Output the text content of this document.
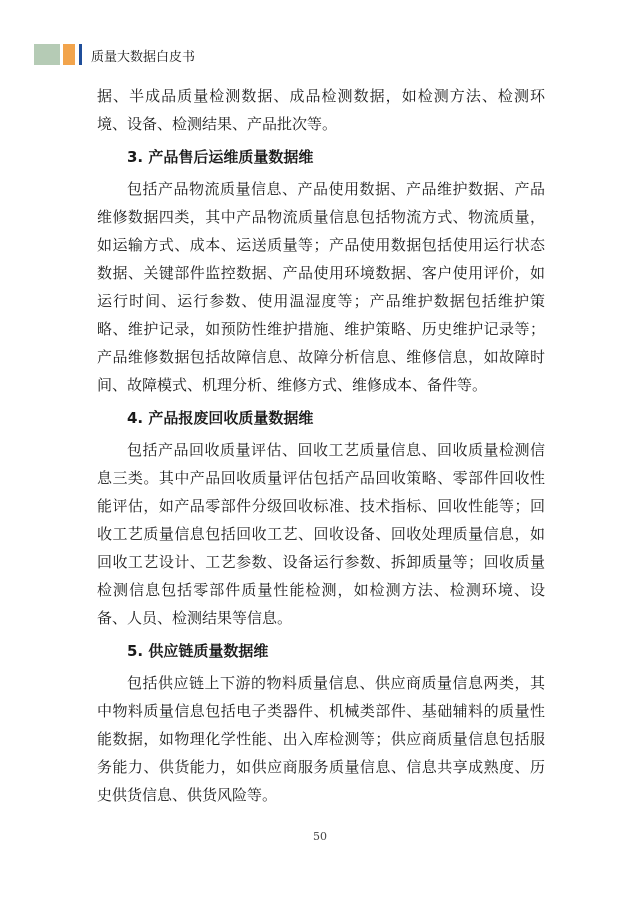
质量大数据白皮书

据、半成品质量检测数据、成品检测数据，如检测方法、检测环境、设备、检测结果、产品批次等。

3. 产品售后运维质量数据维

包括产品物流质量信息、产品使用数据、产品维护数据、产品维修数据四类，其中产品物流质量信息包括物流方式、物流质量，如运输方式、成本、运送质量等；产品使用数据包括使用运行状态数据、关键部件监控数据、产品使用环境数据、客户使用评价，如运行时间、运行参数、使用温湿度等；产品维护数据包括维护策略、维护记录，如预防性维护措施、维护策略、历史维护记录等；产品维修数据包括故障信息、故障分析信息、维修信息，如故障时间、故障模式、机理分析、维修方式、维修成本、备件等。

4. 产品报废回收质量数据维

包括产品回收质量评估、回收工艺质量信息、回收质量检测信息三类。其中产品回收质量评估包括产品回收策略、零部件回收性能评估，如产品零部件分级回收标准、技术指标、回收性能等；回收工艺质量信息包括回收工艺、回收设备、回收处理质量信息，如回收工艺设计、工艺参数、设备运行参数、拆卸质量等；回收质量检测信息包括零部件质量性能检测，如检测方法、检测环境、设备、人员、检测结果等信息。

5. 供应链质量数据维

包括供应链上下游的物料质量信息、供应商质量信息两类，其中物料质量信息包括电子类器件、机械类部件、基础辅料的质量性能数据，如物理化学性能、出入库检测等；供应商质量信息包括服务能力、供货能力，如供应商服务质量信息、信息共享成熟度、历史供货信息、供货风险等。

50
